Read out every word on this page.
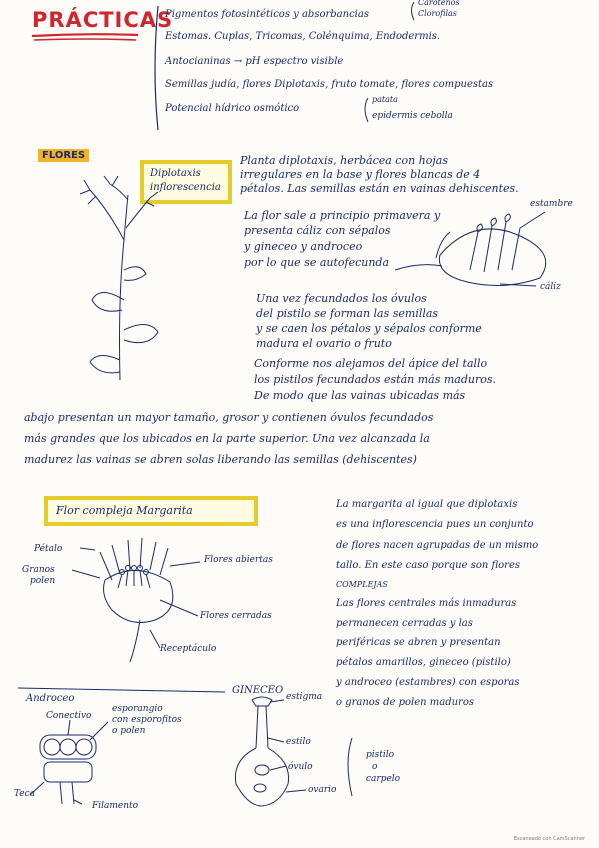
PRÁCTICAS
Pigmentos fotosintéticos y absorbancias
Estomas. Cuplas, Tricomas, Colénquima, Endodermis.
Antocianinas → pH espectro visible
Semillas judía, flores Diplotaxis, fruto tomate, flores compuestas
Potencial hídrico osmótico
Carotenos
Clorofilas
patata
epidermis cebolla
FLORES
Diplotaxis
inflorescencia
Planta diplotaxis, herbácea con hojas
irregulares en la base y flores blancas de 4
pétalos. Las semillas están en vainas dehiscentes.
La flor sale a principio primavera y
presenta cáliz con sépalos
y gineceo y androceo
por lo que se autofecunda
estambre
cáliz
Una vez fecundados los óvulos
del pistilo se forman las semillas
y se caen los pétalos y sépalos conforme
madura el ovario o fruto
Conforme nos alejamos del ápice del tallo
los pistilos fecundados están más maduros.
De modo que las vainas ubicadas más
abajo presentan un mayor tamaño, grosor y contienen óvulos fecundados
más grandes que los ubicados en la parte superior. Una vez alcanzada la
madurez las vainas se abren solas liberando las semillas (dehiscentes)
Flor compleja Margarita
Pétalo
Granos
polen
Flores abiertas
Flores cerradas
Receptáculo
La margarita al igual que diplotaxis
es una inflorescencia pues un conjunto
de flores nacen agrupadas de un mismo
tallo. En este caso porque son flores
COMPLEJAS
Las flores centrales más inmaduras
permanecen cerradas y las
periféricas se abren y presentan
pétalos amarillos, gineceo (pistilo)
y androceo (estambres) con esporas
o granos de polen maduros
Androceo
Conectivo
esporangio
con esporofitos
o polen
Teca
Filamento
GINECEO
estigma
estilo
óvulo
ovario
pistilo
o
carpelo
Escaneado con CamScanner
